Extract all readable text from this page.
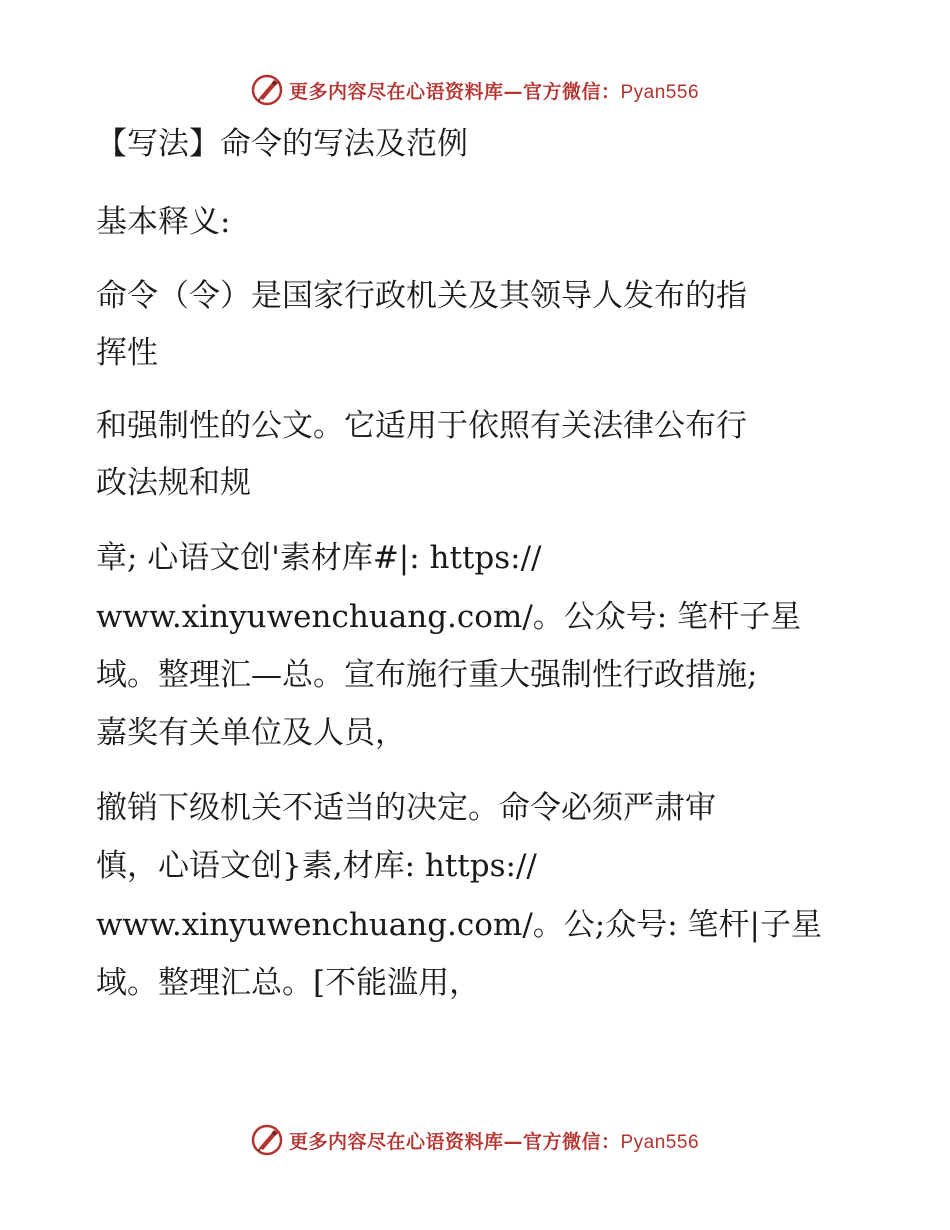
更多内容尽在心语资料库—官方微信：Pyan556
【写法】命令的写法及范例
基本释义:
命令（令）是国家行政机关及其领导人发布的指
挥性
和强制性的公文。它适用于依照有关法律公布行
政法规和规
章; 心语文创'素材库#|: https://
www.xinyuwenchuang.com/。公众号: 笔杆子星
域。整理汇—总。宣布施行重大强制性行政措施;
嘉奖有关单位及人员，
撤销下级机关不适当的决定。命令必须严肃审
慎，心语文创}素,材库: https://
www.xinyuwenchuang.com/。公;众号: 笔杆|子星
域。整理汇总。[不能滥用，
更多内容尽在心语资料库—官方微信：Pyan556
